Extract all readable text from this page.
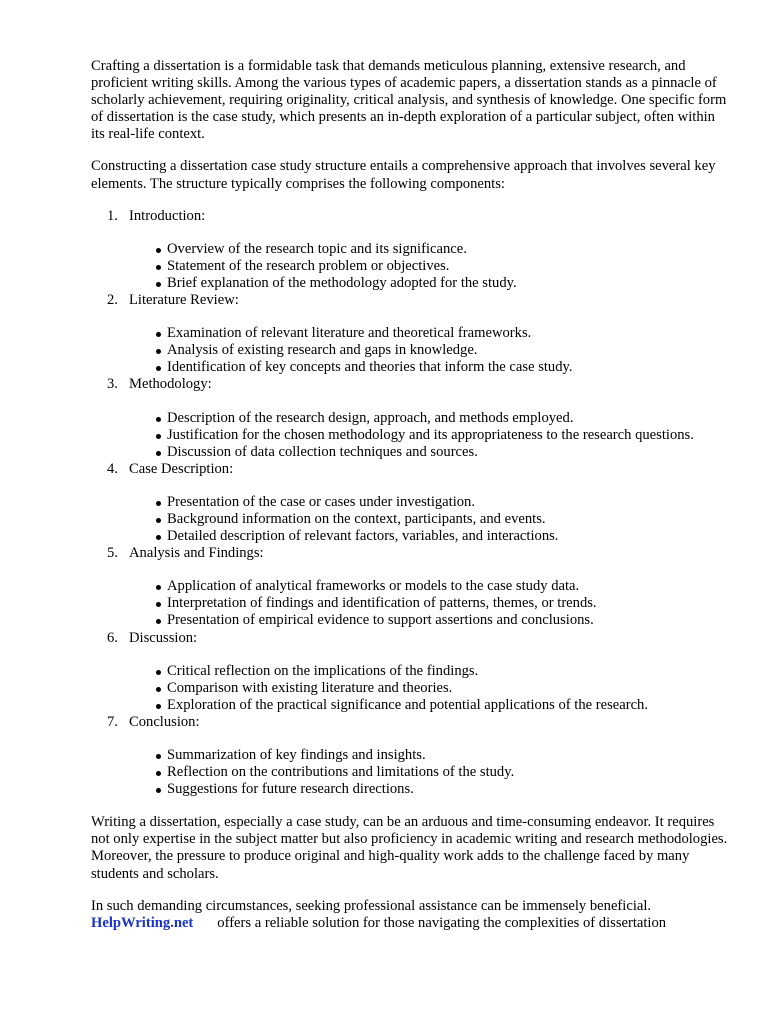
Crafting a dissertation is a formidable task that demands meticulous planning, extensive research, and proficient writing skills. Among the various types of academic papers, a dissertation stands as a pinnacle of scholarly achievement, requiring originality, critical analysis, and synthesis of knowledge. One specific form of dissertation is the case study, which presents an in-depth exploration of a particular subject, often within its real-life context.

Constructing a dissertation case study structure entails a comprehensive approach that involves several key elements. The structure typically comprises the following components:

1. Introduction:
Overview of the research topic and its significance.
Statement of the research problem or objectives.
Brief explanation of the methodology adopted for the study.
2. Literature Review:
Examination of relevant literature and theoretical frameworks.
Analysis of existing research and gaps in knowledge.
Identification of key concepts and theories that inform the case study.
3. Methodology:
Description of the research design, approach, and methods employed.
Justification for the chosen methodology and its appropriateness to the research questions.
Discussion of data collection techniques and sources.
4. Case Description:
Presentation of the case or cases under investigation.
Background information on the context, participants, and events.
Detailed description of relevant factors, variables, and interactions.
5. Analysis and Findings:
Application of analytical frameworks or models to the case study data.
Interpretation of findings and identification of patterns, themes, or trends.
Presentation of empirical evidence to support assertions and conclusions.
6. Discussion:
Critical reflection on the implications of the findings.
Comparison with existing literature and theories.
Exploration of the practical significance and potential applications of the research.
7. Conclusion:
Summarization of key findings and insights.
Reflection on the contributions and limitations of the study.
Suggestions for future research directions.

Writing a dissertation, especially a case study, can be an arduous and time-consuming endeavor. It requires not only expertise in the subject matter but also proficiency in academic writing and research methodologies. Moreover, the pressure to produce original and high-quality work adds to the challenge faced by many students and scholars.

In such demanding circumstances, seeking professional assistance can be immensely beneficial.
HelpWriting.net offers a reliable solution for those navigating the complexities of dissertation
